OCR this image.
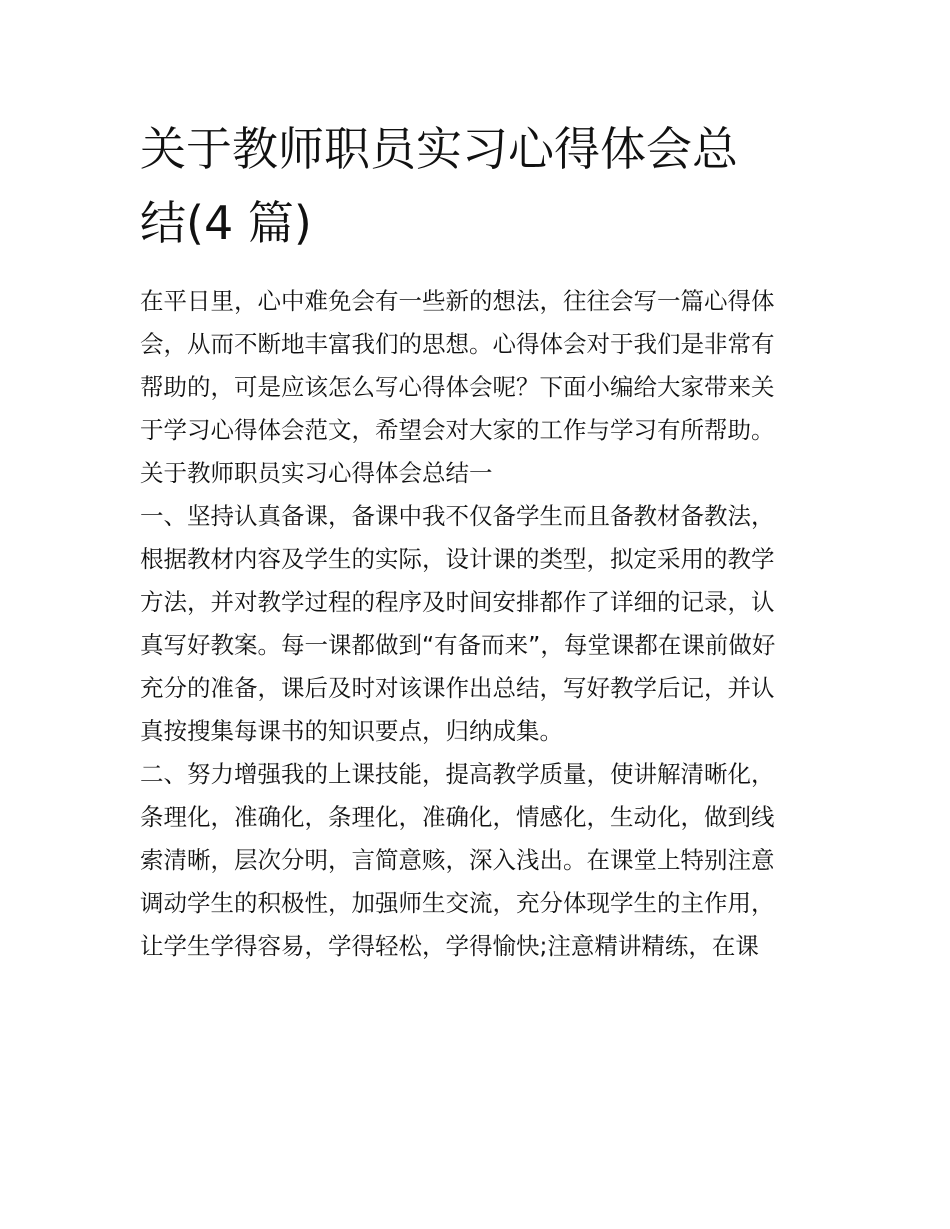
关于教师职员实习心得体会总
结(4 篇)

在平日里，心中难免会有一些新的想法，往往会写一篇心得体

会，从而不断地丰富我们的思想。心得体会对于我们是非常有

帮助的，可是应该怎么写心得体会呢？下面小编给大家带来关

于学习心得体会范文，希望会对大家的工作与学习有所帮助。

关于教师职员实习心得体会总结一

一、坚持认真备课，备课中我不仅备学生而且备教材备教法，

根据教材内容及学生的实际，设计课的类型，拟定采用的教学

方法，并对教学过程的程序及时间安排都作了详细的记录，认

真写好教案。每一课都做到“有备而来”，每堂课都在课前做好

充分的准备，课后及时对该课作出总结，写好教学后记，并认

真按搜集每课书的知识要点，归纳成集。

二、努力增强我的上课技能，提高教学质量，使讲解清晰化，

条理化，准确化，条理化，准确化，情感化，生动化，做到线

索清晰，层次分明，言简意赅，深入浅出。在课堂上特别注意

调动学生的积极性，加强师生交流，充分体现学生的主作用，

让学生学得容易，学得轻松，学得愉快;注意精讲精练，在课
